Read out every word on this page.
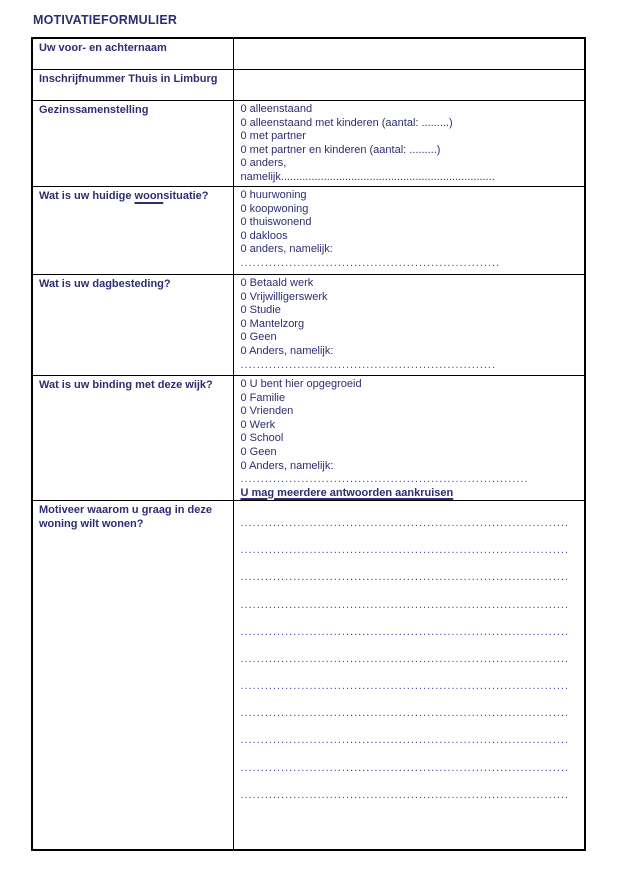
MOTIVATIEFORMULIER
Uw voor- en achternaam	
Inschrijfnummer Thuis in Limburg	
Gezinssamenstelling	0 alleenstaand
0 alleenstaand met kinderen (aantal: .........)
0 met partner
0 met partner en kinderen (aantal: .........)
0 anders,
namelijk......................................................................

Wat is uw huidige woonsituatie?	0 huurwoning
0 koopwoning
0 thuiswonend
0 dakloos
0 anders, namelijk:
................................................................

Wat is uw dagbesteding?	0 Betaald werk
0 Vrijwilligerswerk
0 Studie
0 Mantelzorg
0 Geen
0 Anders, namelijk:
...............................................................

Wat is uw binding met deze wijk?	0 U bent hier opgegroeid
0 Familie
0 Vrienden
0 Werk
0 School
0 Geen
0 Anders, namelijk:
.......................................................................
U mag meerdere antwoorden aankruisen

Motiveer waarom u graag in deze woning wilt wonen?	.................................................................................
.................................................................................
.................................................................................
.................................................................................
.................................................................................
.................................................................................
.................................................................................
.................................................................................
.................................................................................
.................................................................................
.................................................................................
